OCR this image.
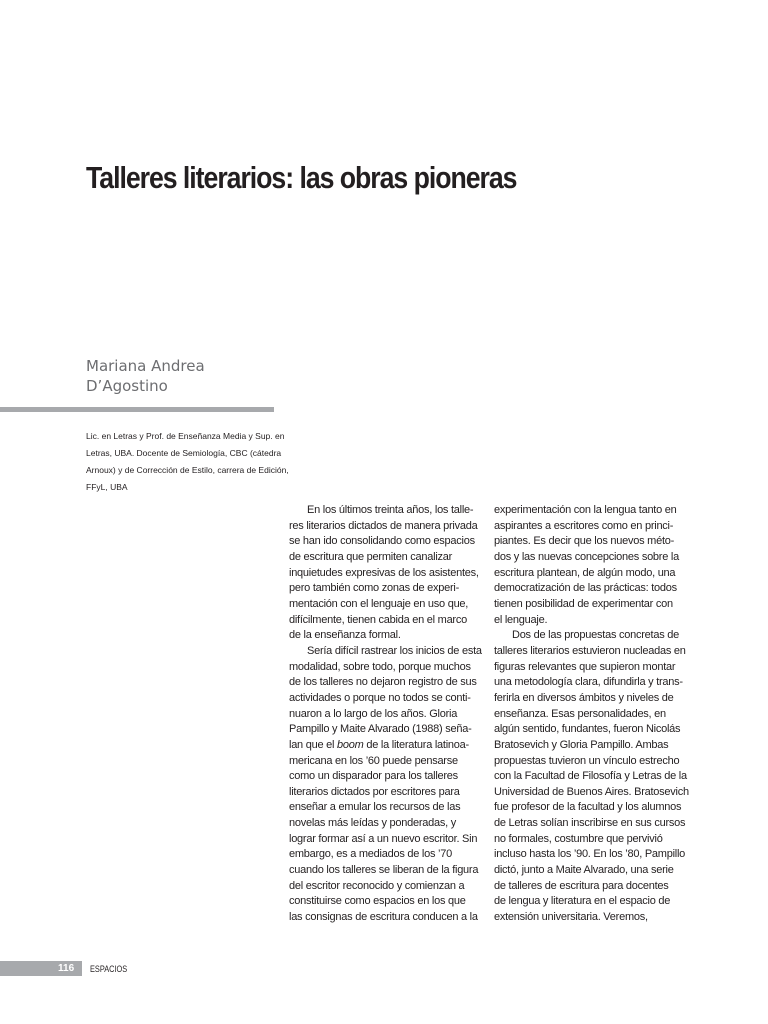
Talleres literarios: las obras pioneras
Mariana Andrea
D’Agostino
Lic. en Letras y Prof. de Enseñanza Media y Sup. en
Letras, UBA. Docente de Semiología, CBC (cátedra
Arnoux) y de Corrección de Estilo, carrera de Edición,
FFyL, UBA
En los últimos treinta años, los talle-
res literarios dictados de manera privada
se han ido consolidando como espacios
de escritura que permiten canalizar
inquietudes expresivas de los asistentes,
pero también como zonas de experi-
mentación con el lenguaje en uso que,
difícilmente, tienen cabida en el marco
de la enseñanza formal.
Sería difícil rastrear los inicios de esta
modalidad, sobre todo, porque muchos
de los talleres no dejaron registro de sus
actividades o porque no todos se conti-
nuaron a lo largo de los años. Gloria
Pampillo y Maite Alvarado (1988) seña-
lan que el boom de la literatura latinoa-
mericana en los ’60 puede pensarse
como un disparador para los talleres
literarios dictados por escritores para
enseñar a emular los recursos de las
novelas más leídas y ponderadas, y
lograr formar así a un nuevo escritor. Sin
embargo, es a mediados de los ’70
cuando los talleres se liberan de la figura
del escritor reconocido y comienzan a
constituirse como espacios en los que
las consignas de escritura conducen a la
experimentación con la lengua tanto en
aspirantes a escritores como en princi-
piantes. Es decir que los nuevos méto-
dos y las nuevas concepciones sobre la
escritura plantean, de algún modo, una
democratización de las prácticas: todos
tienen posibilidad de experimentar con
el lenguaje.
Dos de las propuestas concretas de
talleres literarios estuvieron nucleadas en
figuras relevantes que supieron montar
una metodología clara, difundirla y trans-
ferirla en diversos ámbitos y niveles de
enseñanza. Esas personalidades, en
algún sentido, fundantes, fueron Nicolás
Bratosevich y Gloria Pampillo. Ambas
propuestas tuvieron un vínculo estrecho
con la Facultad de Filosofía y Letras de la
Universidad de Buenos Aires. Bratosevich
fue profesor de la facultad y los alumnos
de Letras solían inscribirse en sus cursos
no formales, costumbre que pervivió
incluso hasta los ’90. En los ’80, Pampillo
dictó, junto a Maite Alvarado, una serie
de talleres de escritura para docentes
de lengua y literatura en el espacio de
extensión universitaria. Veremos,
116 ESPACIOS
